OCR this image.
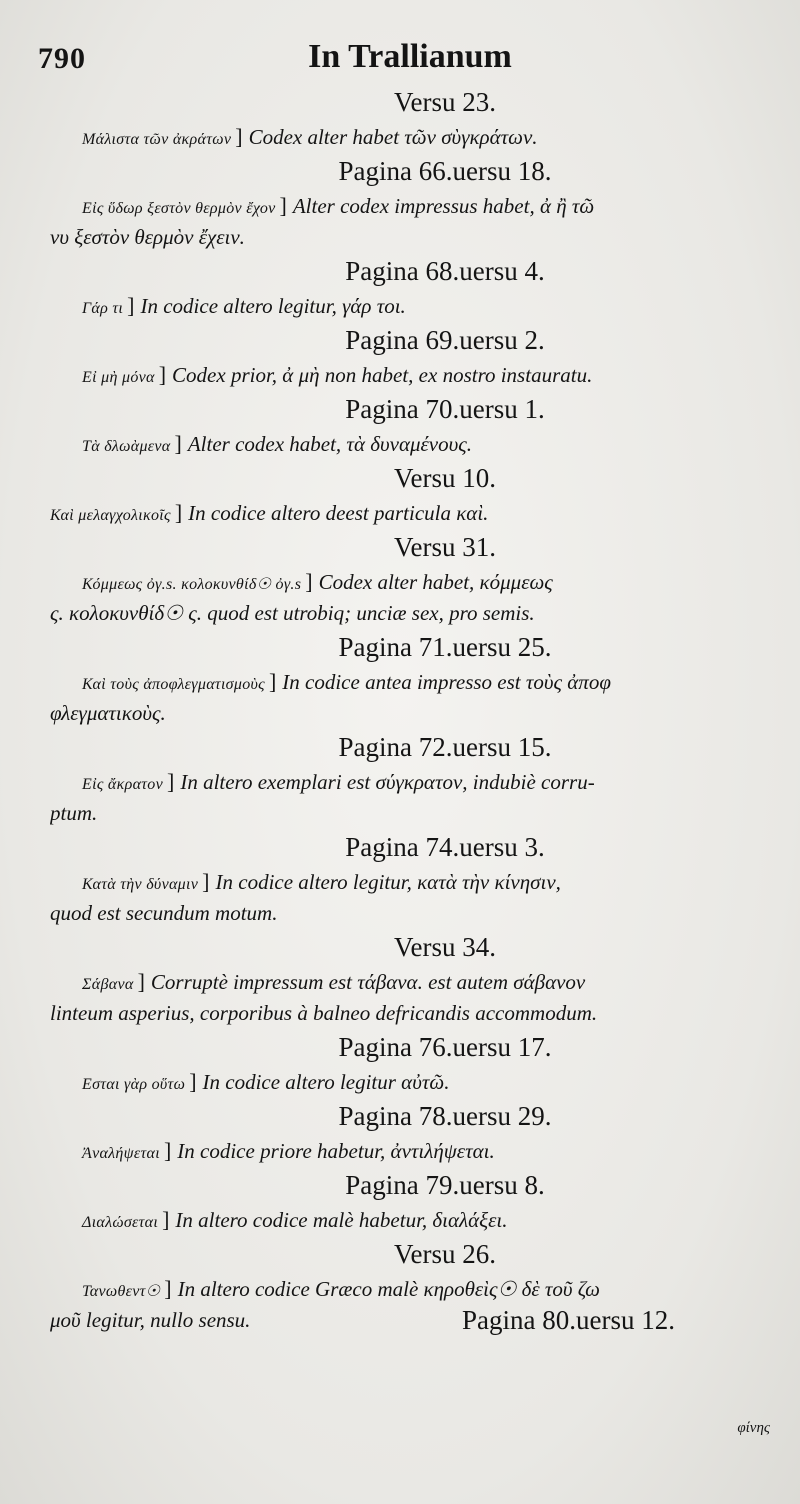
790	In Trallianum
Versu 23.
Μάλιστα τῶν ἀκράτων ] Codex alter habet τῶν σὺγκράτων.
Pagina 66.uersu 18.
Εἰς ὕδωρ ξεστὸν θερμὸν ἔχον ] Alter codex impressus habet, ἀ ἢ τῶ
νυ ξεστὸν θερμὸν ἔχειν.
Pagina 68.uersu 4.
Γάρ τι ] In codice altero legitur, γάρ τοι.
Pagina 69.uersu 2.
Εἰ μὴ μόνα ] Codex prior, ἀ μὴ non habet, ex nostro instauratu.
Pagina 70.uersu 1.
Τὰ δλωὰμενα ] Alter codex habet, τὰ δυναμένους.
Versu 10.
Καὶ μελαγχολικοῖς ] In codice altero deest particula καὶ.
Versu 31.
Κόμμεως ὀγ.s. κολοκυνθίδ☉ ὀγ.s ] Codex alter habet, κόμμεως
ς. κολοκυνθίδ☉ ς. quod est utrobiq; unciæ sex, pro semis.
Pagina 71.uersu 25.
Καὶ τοὺς ἀποφλεγματισμοὺς ] In codice antea impresso est τοὺς ἀποφ
φλεγματικοὺς.
Pagina 72.uersu 15.
Εἰς ἄκρατον ] In altero exemplari est σύγκρατον, indubiè corru-
ptum.
Pagina 74.uersu 3.
Κατὰ τὴν δύναμιν ] In codice altero legitur, κατὰ τὴν κίνησιν,
quod est secundum motum.
Versu 34.
Σάβανα ] Corruptè impressum est τάβανα. est autem σάβανον
linteum asperius, corporibus à balneo defricandis accommodum.
Pagina 76.uersu 17.
Εσται γὰρ οὕτω ] In codice altero legitur αὐτῶ.
Pagina 78.uersu 29.
Ἀναλήψεται ] In codice priore habetur, ἀντιλήψεται.
Pagina 79.uersu 8.
Διαλώσεται ] In altero codice malè habetur, διαλάξει.
Versu 26.
Τανωθεντ☉ ] In altero codice Græco malè κηροθεὶς☉ δὲ τοῦ ζω
μοῦ legitur, nullo sensu.	Pagina 80.uersu 12.
φίνης
